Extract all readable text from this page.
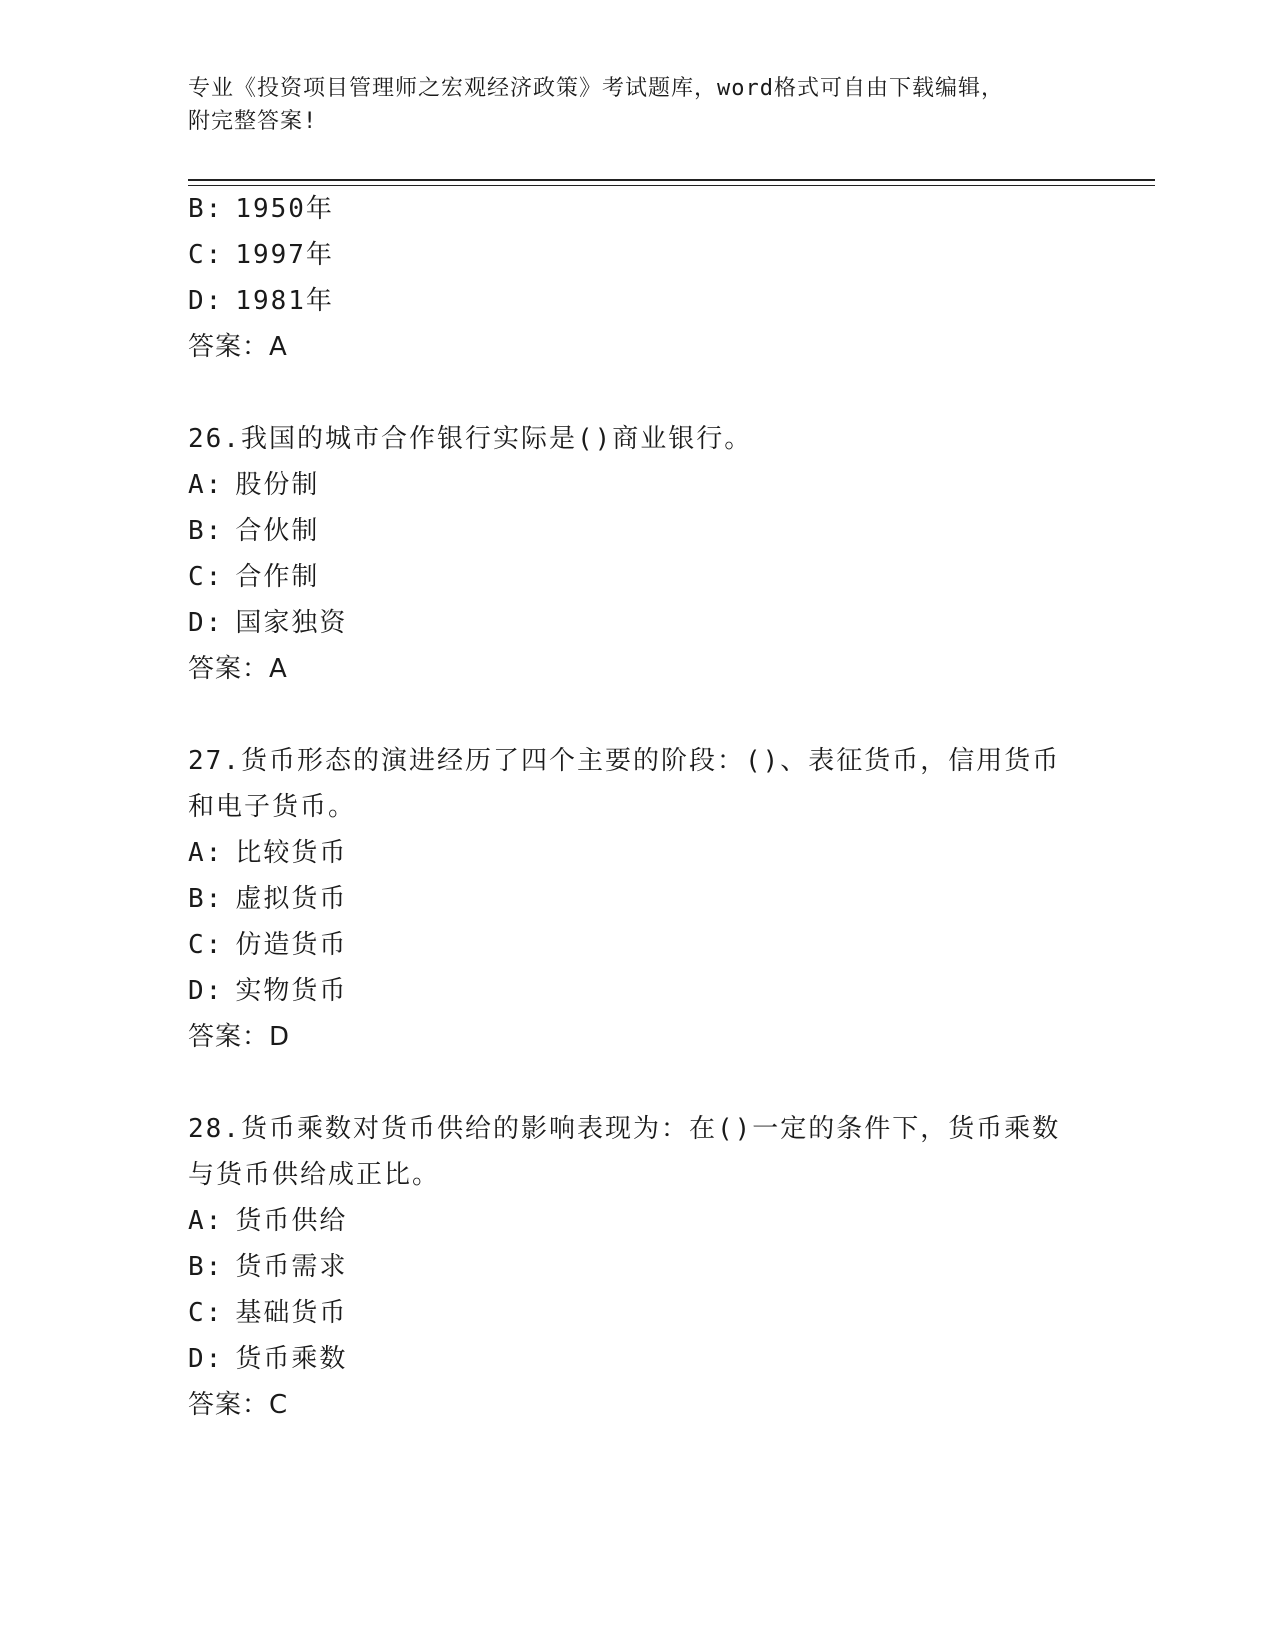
专业《投资项目管理师之宏观经济政策》考试题库，word格式可自由下载编辑，
附完整答案!
B: 1950年
C: 1997年
D: 1981年
答案：A
26.我国的城市合作银行实际是()商业银行。
A: 股份制
B: 合伙制
C: 合作制
D: 国家独资
答案：A
27.货币形态的演进经历了四个主要的阶段：()、表征货币，信用货币
和电子货币。
A: 比较货币
B: 虚拟货币
C: 仿造货币
D: 实物货币
答案：D
28.货币乘数对货币供给的影响表现为：在()一定的条件下，货币乘数
与货币供给成正比。
A: 货币供给
B: 货币需求
C: 基础货币
D: 货币乘数
答案：C
